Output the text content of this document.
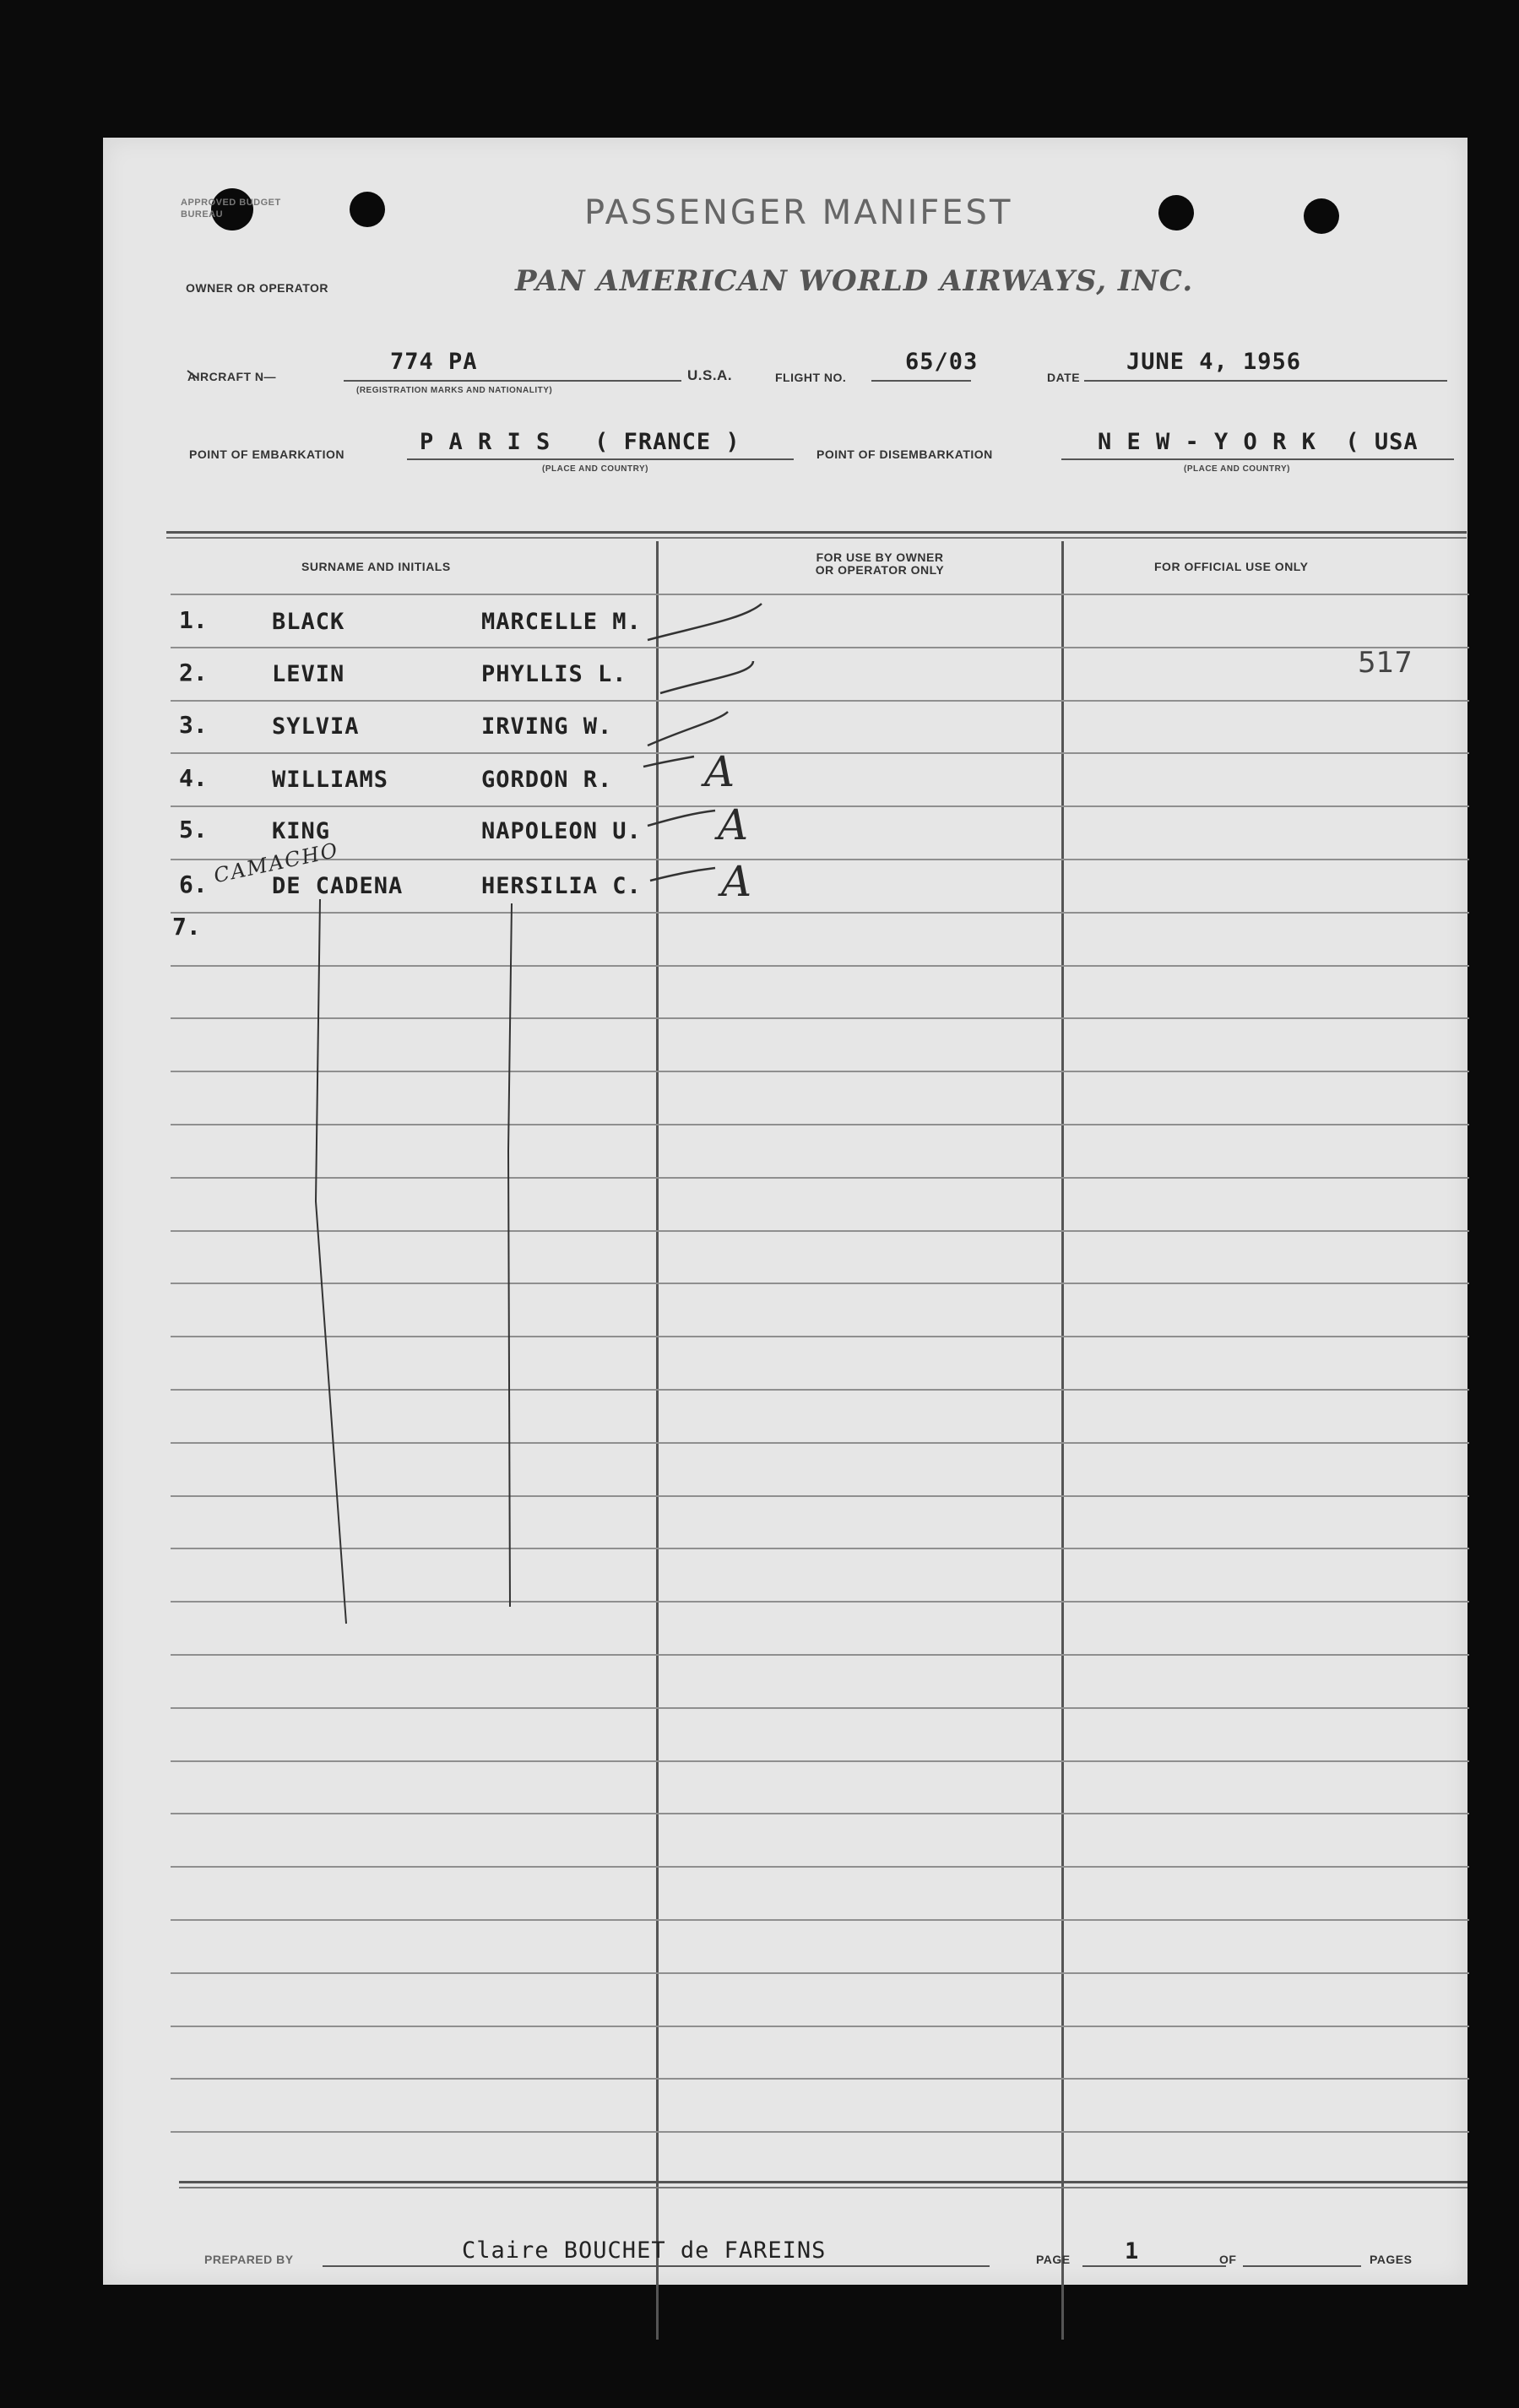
APPROVED BUDGET BUREAU	PASSENGER MANIFEST
OWNER OR OPERATOR	PAN AMERICAN WORLD AIRWAYS, INC.
AIRCRAFT N—
774 PA
(REGISTRATION MARKS AND NATIONALITY)
U.S.A.	FLIGHT NO.
65/03
DATE
JUNE 4, 1956
POINT OF EMBARKATION	P A R I S   ( FRANCE )
(PLACE AND COUNTRY)
POINT OF DISEMBARKATION	N E W - Y O R K  ( USA
(PLACE AND COUNTRY)
SURNAME AND INITIALS
FOR USE BY OWNER
OR OPERATOR ONLY	FOR OFFICIAL USE ONLY
1.	BLACK	MARCELLE M.
2.	LEVIN	PHYLLIS L.
3.	SYLVIA	IRVING W.
4.	WILLIAMS	GORDON R. A
5.	KING	NAPOLEON U. A
6.	DE CADENA	HERSILIA C. A
7.
CAMACHO
517
PREPARED BY	Claire BOUCHET de FAREINS	PAGE 1	OF	PAGES
